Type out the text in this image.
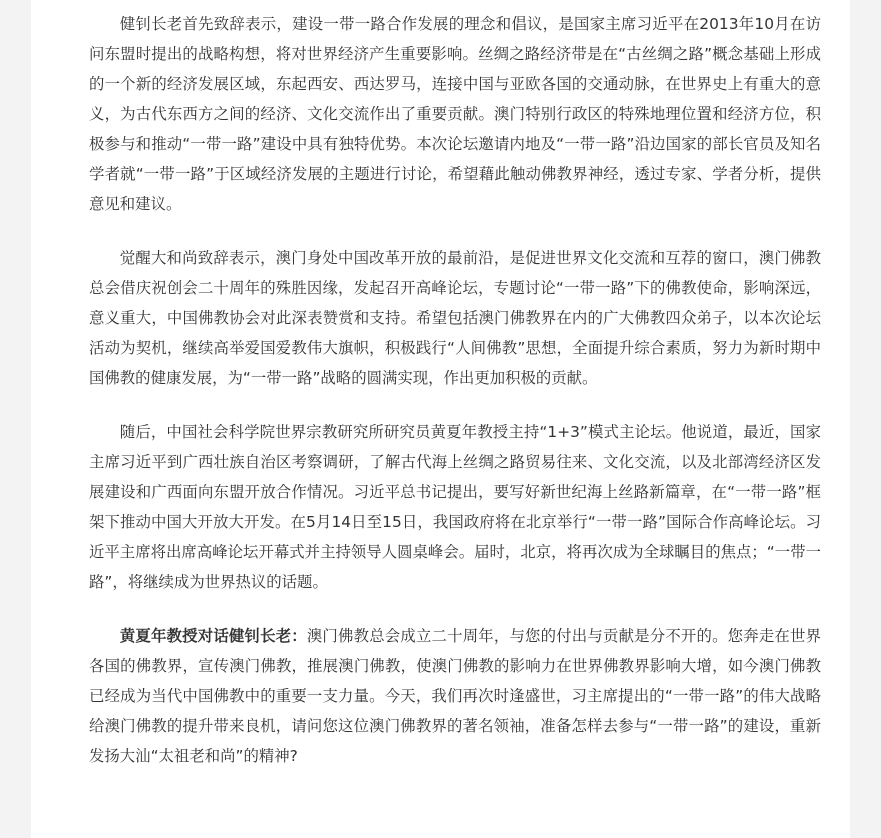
健钊长老首先致辞表示，建设一带一路合作发展的理念和倡议，是国家主席习近平在2013年10月在访问东盟时提出的战略构想，将对世界经济产生重要影响。丝绸之路经济带是在“古丝绸之路”概念基础上形成的一个新的经济发展区域，东起西安、西达罗马，连接中国与亚欧各国的交通动脉，在世界史上有重大的意义，为古代东西方之间的经济、文化交流作出了重要贡献。澳门特别行政区的特殊地理位置和经济方位，积极参与和推动“一带一路”建设中具有独特优势。本次论坛邀请内地及“一带一路”沿边国家的部长官员及知名学者就“一带一路”于区域经济发展的主题进行讨论，希望藉此触动佛教界神经，透过专家、学者分析，提供意见和建议。

觉醒大和尚致辞表示，澳门身处中国改革开放的最前沿，是促进世界文化交流和互荐的窗口，澳门佛教总会借庆祝创会二十周年的殊胜因缘，发起召开高峰论坛，专题讨论“一带一路”下的佛教使命，影响深远，意义重大，中国佛教协会对此深表赞赏和支持。希望包括澳门佛教界在内的广大佛教四众弟子，以本次论坛活动为契机，继续高举爱国爱教伟大旗帜，积极践行“人间佛教”思想，全面提升综合素质，努力为新时期中国佛教的健康发展，为“一带一路”战略的圆满实现，作出更加积极的贡献。

随后，中国社会科学院世界宗教研究所研究员黄夏年教授主持“1+3”模式主论坛。他说道，最近，国家主席习近平到广西壮族自治区考察调研，了解古代海上丝绸之路贸易往来、文化交流，以及北部湾经济区发展建设和广西面向东盟开放合作情况。习近平总书记提出，要写好新世纪海上丝路新篇章，在“一带一路”框架下推动中国大开放大开发。在5月14日至15日，我国政府将在北京举行“一带一路”国际合作高峰论坛。习近平主席将出席高峰论坛开幕式并主持领导人圆桌峰会。届时，北京，将再次成为全球瞩目的焦点；“一带一路”，将继续成为世界热议的话题。

黄夏年教授对话健钊长老：澳门佛教总会成立二十周年，与您的付出与贡献是分不开的。您奔走在世界各国的佛教界，宣传澳门佛教，推展澳门佛教，使澳门佛教的影响力在世界佛教界影响大增，如今澳门佛教已经成为当代中国佛教中的重要一支力量。今天，我们再次时逢盛世，习主席提出的“一带一路”的伟大战略给澳门佛教的提升带来良机，请问您这位澳门佛教界的著名领袖，准备怎样去参与“一带一路”的建设，重新发扬大汕“太祖老和尚”的精神?
